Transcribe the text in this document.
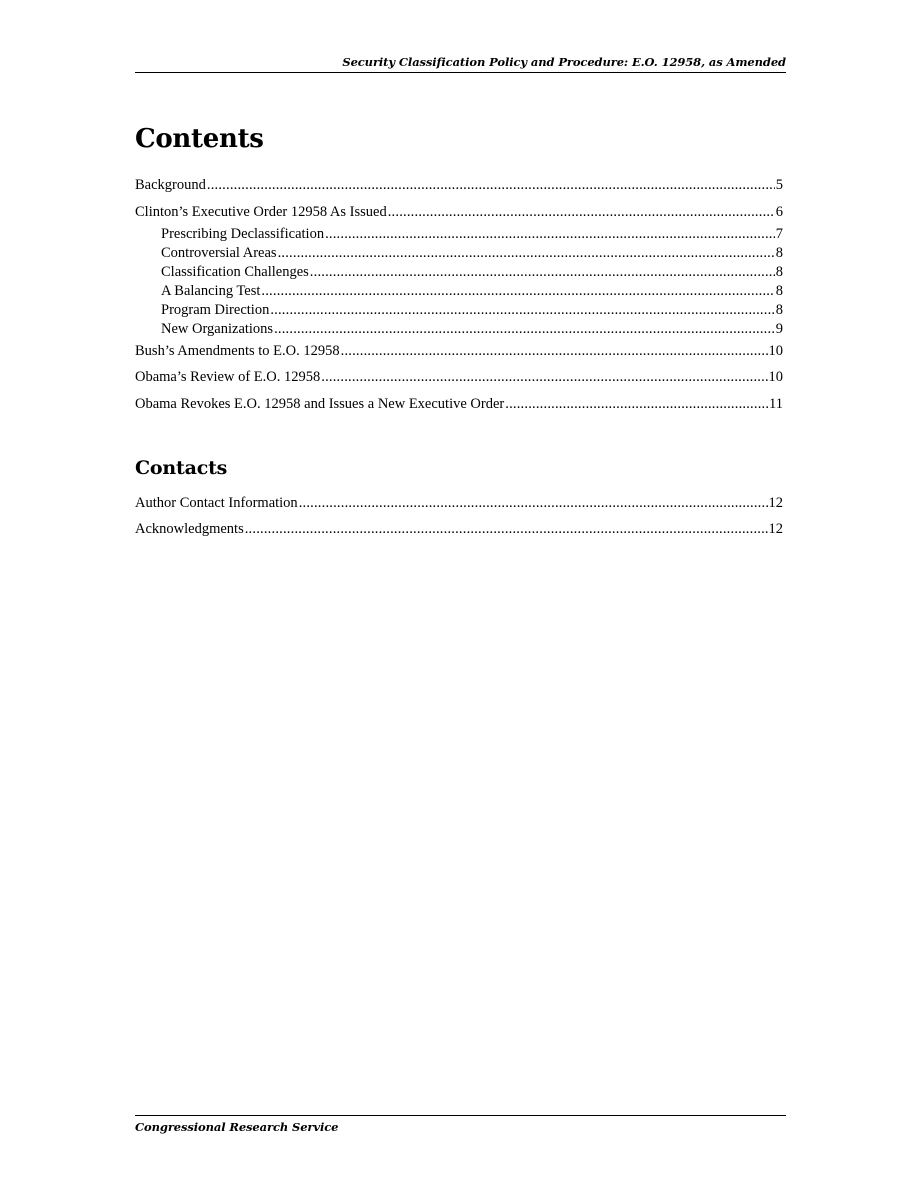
Security Classification Policy and Procedure: E.O. 12958, as Amended
Contents
Background .....	5
Clinton’s Executive Order 12958 As Issued .....	6
Prescribing Declassification .....	7
Controversial Areas .....	8
Classification Challenges .....	8
A Balancing Test .....	8
Program Direction .....	8
New Organizations .....	9
Bush’s Amendments to E.O. 12958 .....	10
Obama’s Review of E.O. 12958 .....	10
Obama Revokes E.O. 12958 and Issues a New Executive Order .....	11
Contacts
Author Contact Information .....	12
Acknowledgments .....	12
Congressional Research Service
